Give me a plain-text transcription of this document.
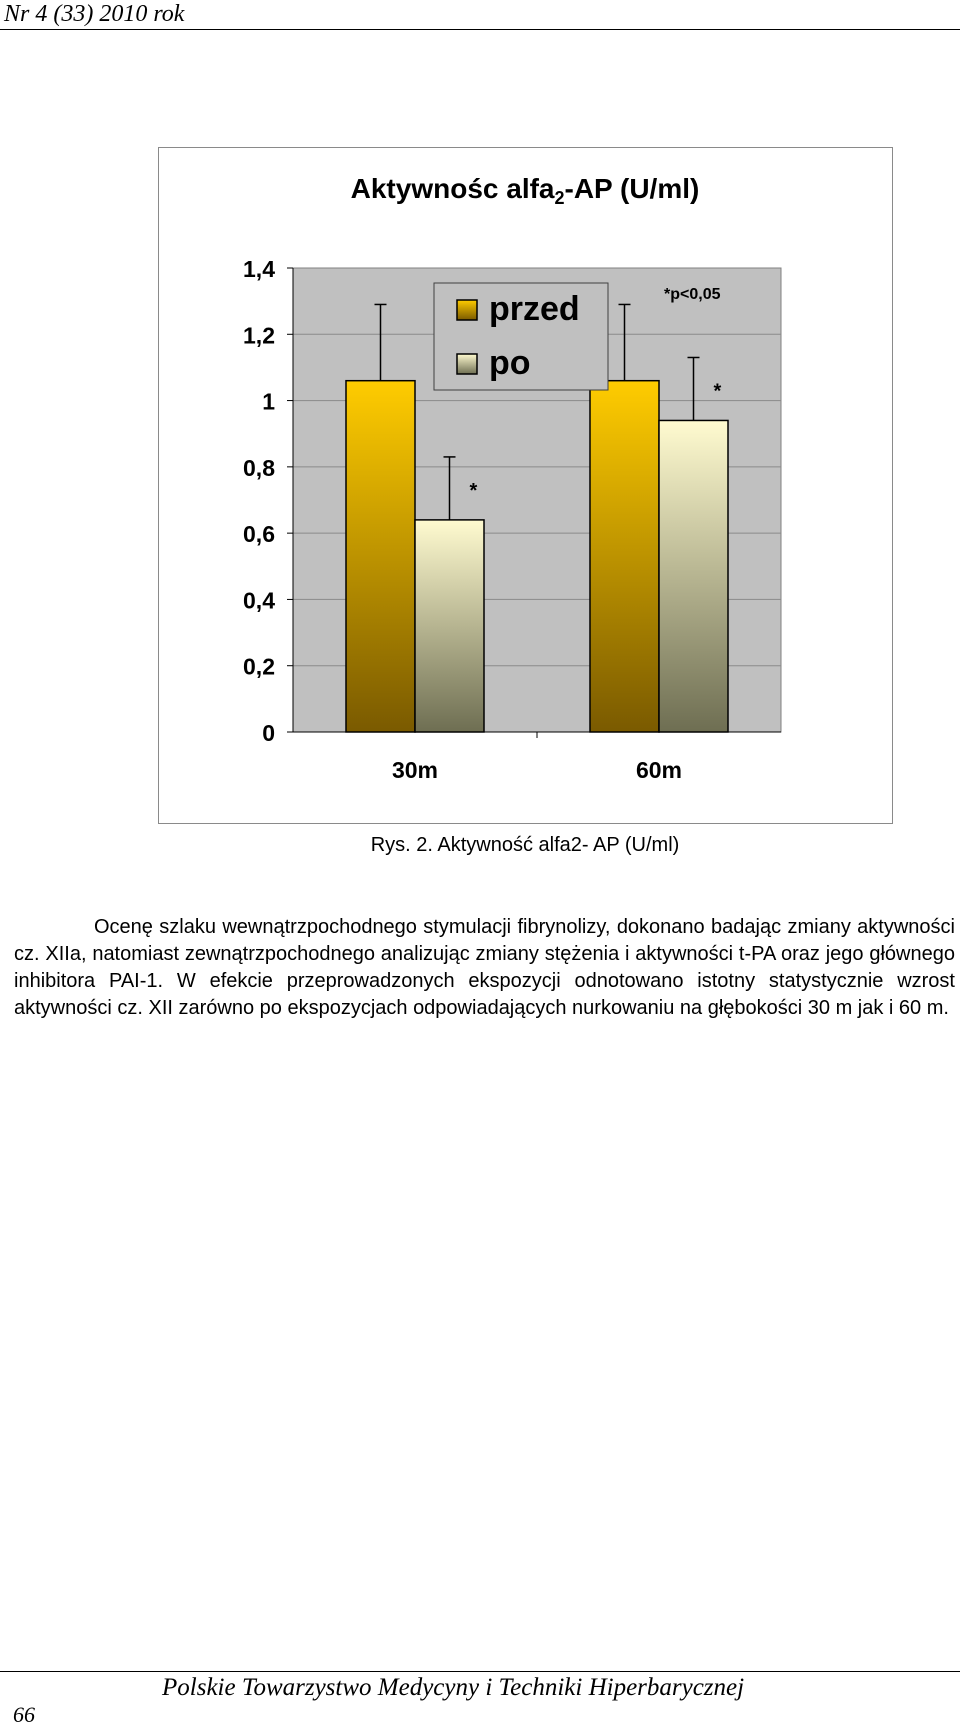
Nr 4 (33) 2010 rok
Aktywnośc alfa$_2$-AP (U/ml)
0
0,2
0,4
0,6
0,8
1
1,2
1,4
*
*
30m	60m
przed
po
*p<0,05
Rys. 2. Aktywność alfa2- AP (U/ml)

Ocenę szlaku wewnątrzpochodnego stymulacji fibrynolizy, dokonano badając zmiany aktywności cz. XIIa, natomiast zewnątrzpochodnego analizując zmiany stężenia i aktywności t-PA oraz jego głównego inhibitora PAI-1. W efekcie przeprowadzonych ekspozycji odnotowano istotny statystycznie wzrost aktywności cz. XII zarówno po ekspozycjach odpowiadających nurkowaniu na głębokości 30 m jak i 60 m.

66
Polskie Towarzystwo Medycyny i Techniki Hiperbarycznej
